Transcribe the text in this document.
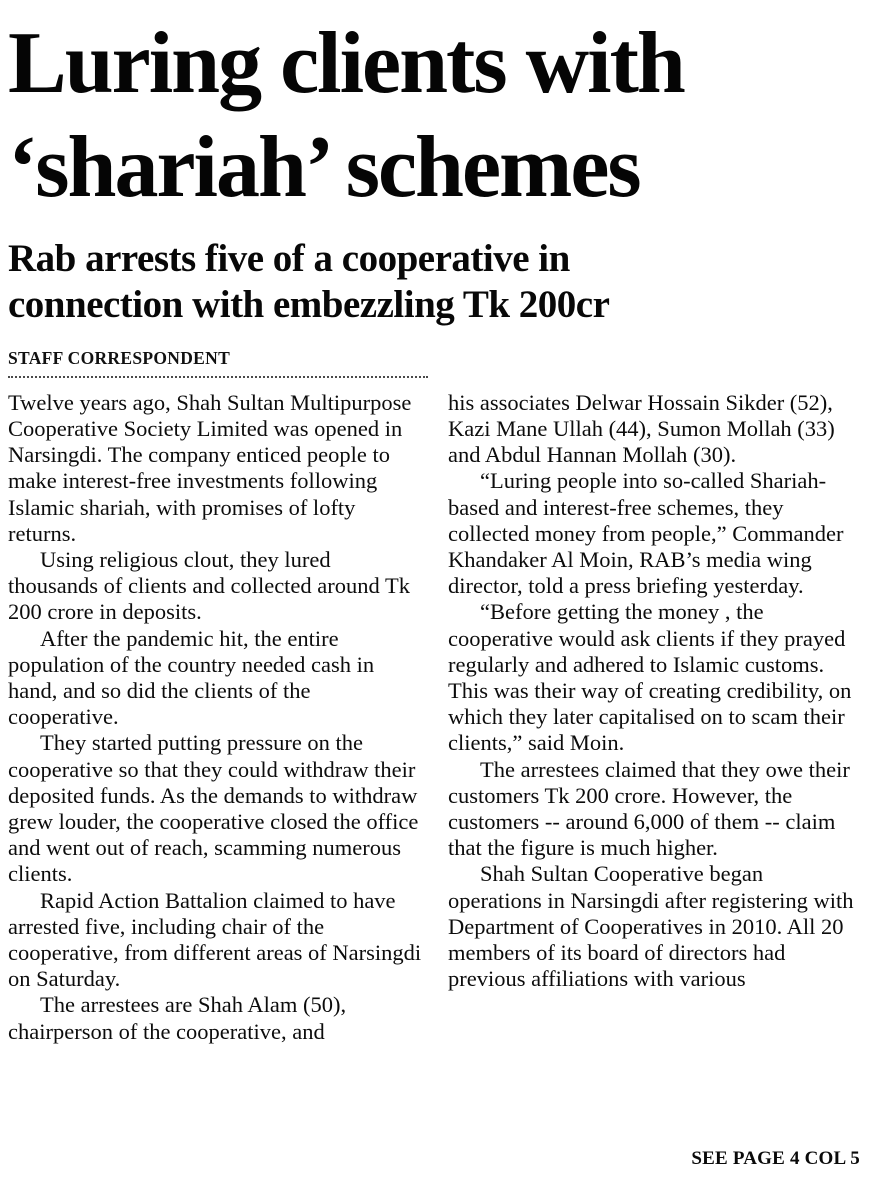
Luring clients with
‘shariah’ schemes
Rab arrests five of a cooperative in
connection with embezzling Tk 200cr
STAFF CORRESPONDENT

Twelve years ago, Shah Sultan Multipurpose Cooperative Society Limited was opened in Narsingdi. The company enticed people to make interest-free investments following Islamic shariah, with promises of lofty returns.

Using religious clout, they lured thousands of clients and collected around Tk 200 crore in deposits.

After the pandemic hit, the entire population of the country needed cash in hand, and so did the clients of the cooperative.

They started putting pressure on the cooperative so that they could withdraw their deposited funds. As the demands to withdraw grew louder, the cooperative closed the office and went out of reach, scamming numerous clients.

Rapid Action Battalion claimed to have arrested five, including chair of the cooperative, from different areas of Narsingdi on Saturday.

The arrestees are Shah Alam (50), chairperson of the cooperative, and

his associates Delwar Hossain Sikder (52), Kazi Mane Ullah (44), Sumon Mollah (33) and Abdul Hannan Mollah (30).

“Luring people into so-called Shariah-based and interest-free schemes, they collected money from people,” Commander Khandaker Al Moin, RAB’s media wing director, told a press briefing yesterday.

“Before getting the money , the cooperative would ask clients if they prayed regularly and adhered to Islamic customs. This was their way of creating credibility, on which they later capitalised on to scam their clients,” said Moin.

The arrestees claimed that they owe their customers Tk 200 crore. However, the customers -- around 6,000 of them -- claim that the figure is much higher.

Shah Sultan Cooperative began operations in Narsingdi after registering with Department of Cooperatives in 2010. All 20 members of its board of directors had previous affiliations with various

SEE PAGE 4 COL 5
